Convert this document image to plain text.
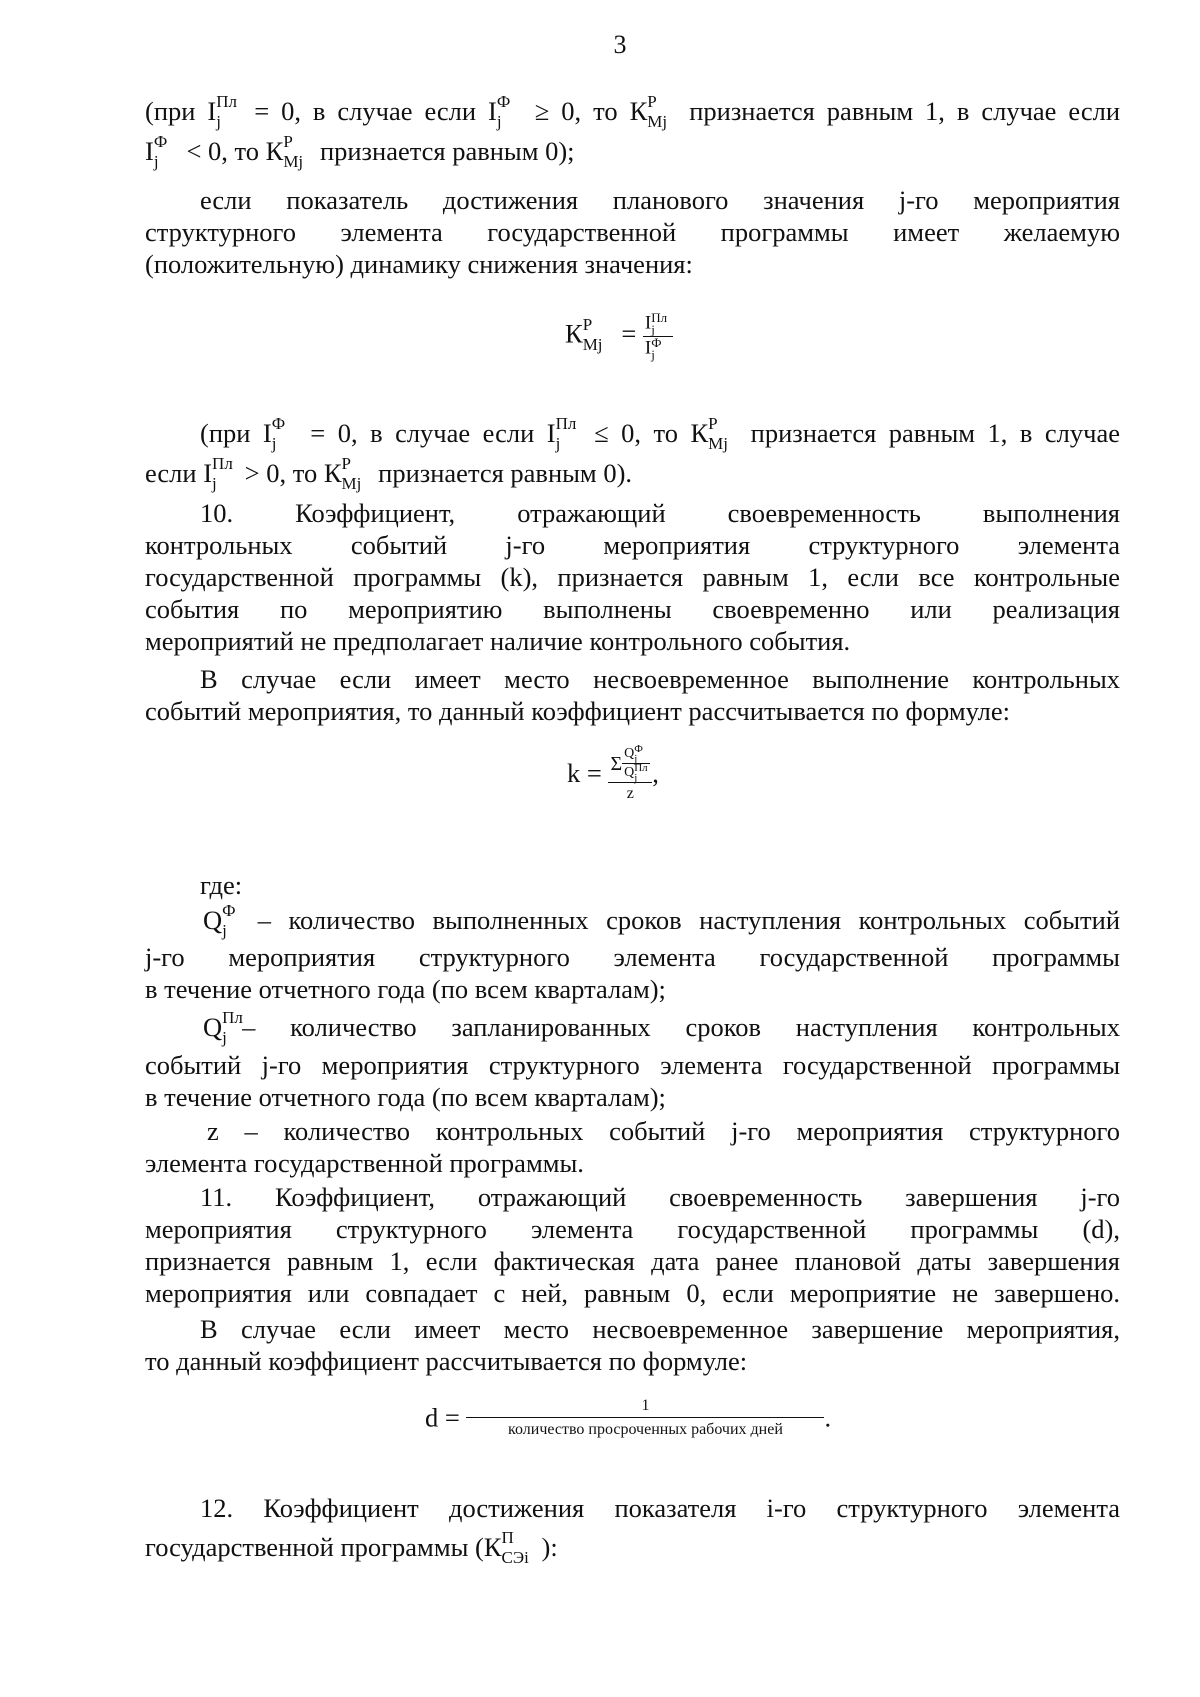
3
(при I Пл
j = 0, в случае если I Ф
j ≥ 0, то К Р
Mj признается равным 1, в случае если
I Ф
j < 0, то К Р
Mj признается равным 0);
если показатель достижения планового значения j-го мероприятия
структурного элемента государственной программы имеет желаемую
(положительную) динамику снижения значения:
К Р
Mj = I Пл
j
I Ф
j
(при I Ф
j = 0, в случае если I Пл
j ≤ 0, то К Р
Mj признается равным 1, в случае
если I Пл
j > 0, то К Р
Mj признается равным 0).
10. Коэффициент, отражающий своевременность выполнения
контрольных событий j-го мероприятия структурного элемента
государственной программы (k), признается равным 1, если все контрольные
события по мероприятию выполнены своевременно или реализация
мероприятий не предполагает наличие контрольного события.
В случае если имеет место несвоевременное выполнение контрольных
событий мероприятия, то данный коэффициент рассчитывается по формуле:
k = Σ Q Ф
j
Q Пл
j
z ,
где:
Q Ф
j – количество выполненных сроков наступления контрольных событий
j-го мероприятия структурного элемента государственной программы
в течение отчетного года (по всем кварталам);
Q Пл
j – количество запланированных сроков наступления контрольных
событий j-го мероприятия структурного элемента государственной программы
в течение отчетного года (по всем кварталам);
z – количество контрольных событий j-го мероприятия структурного
элемента государственной программы.
11. Коэффициент, отражающий своевременность завершения j-го
мероприятия структурного элемента государственной программы (d),
признается равным 1, если фактическая дата ранее плановой даты завершения
мероприятия или совпадает с ней, равным 0, если мероприятие не завершено.
В случае если имеет место несвоевременное завершение мероприятия,
то данный коэффициент рассчитывается по формуле:
$d = \frac{1}{\text{количество просроченных рабочих дней}}$ .
12. Коэффициент достижения показателя i-го структурного элемента
государственной программы (К П
СЭi ):
